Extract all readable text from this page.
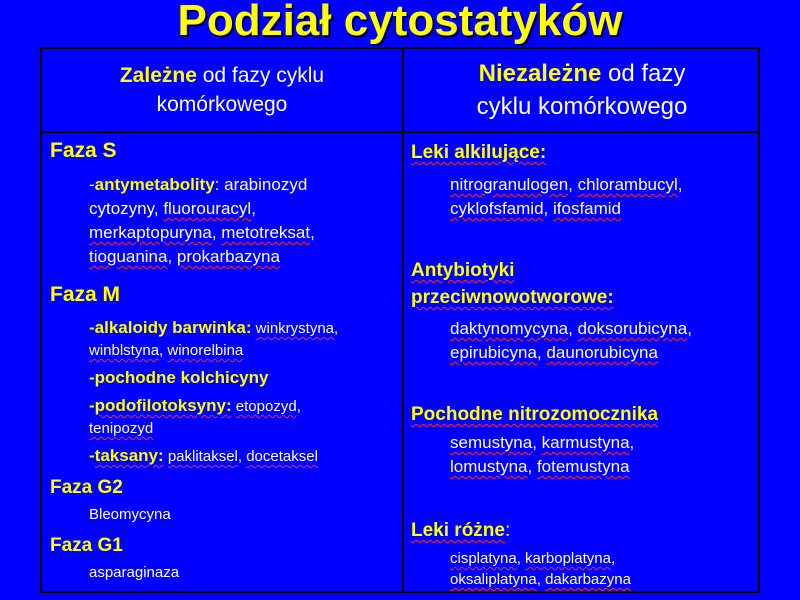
Podział cytostatyków
Zależne od fazy cyklu
komórkowego
Niezależne od fazy
cyklu komórkowego
Faza S
-antymetabolity: arabinozyd
cytozyny, fluorouracyl,
merkaptopuryna, metotreksat,
tioguanina, prokarbazyna
Faza M
-alkaloidy barwinka: winkrystyna,
winblstyna, winorelbina
-pochodne kolchicyny
-podofilotoksyny: etopozyd,
tenipozyd
-taksany: paklitaksel, docetaksel
Faza G2
Bleomycyna
Faza G1
asparaginaza
Leki alkilujące:
nitrogranulogen, chlorambucyl,
cyklofsfamid, ifosfamid
Antybiotyki
przeciwnowotworowe:
daktynomycyna, doksorubicyna,
epirubicyna, daunorubicyna
Pochodne nitrozomocznika
semustyna, karmustyna,
lomustyna, fotemustyna
Leki różne:
cisplatyna, karboplatyna,
oksaliplatyna, dakarbazyna
